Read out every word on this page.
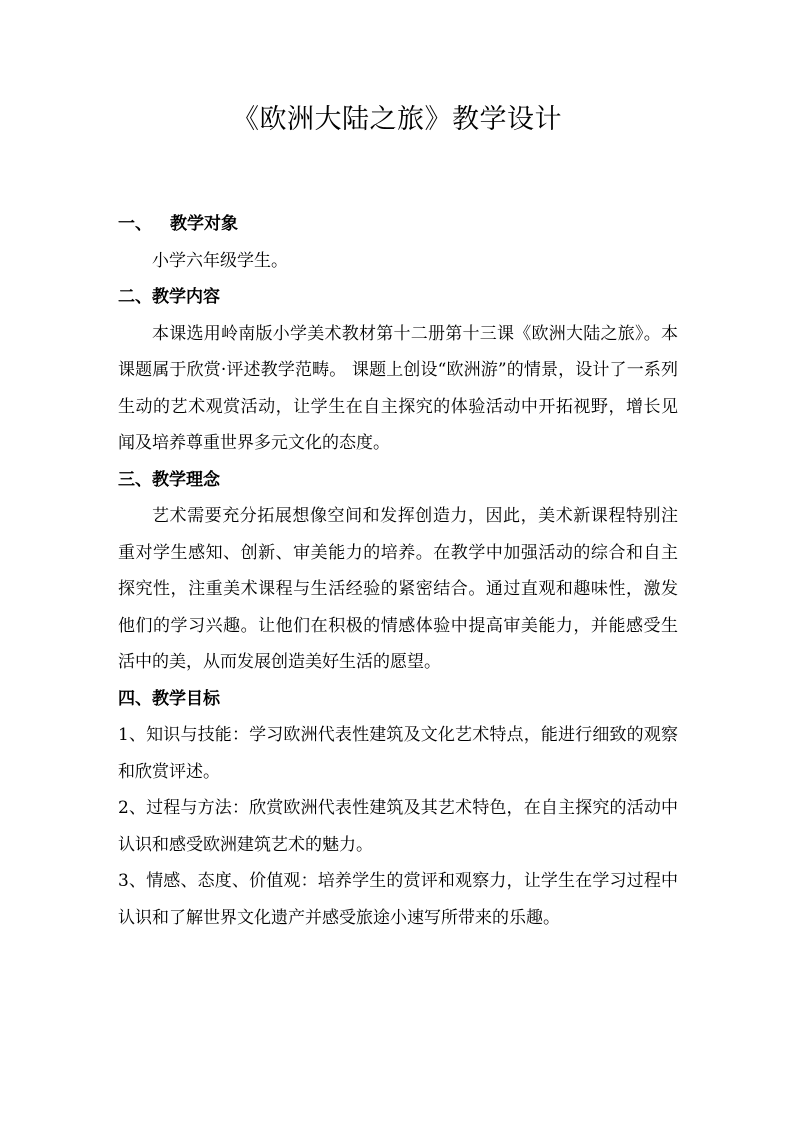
《欧洲大陆之旅》教学设计

一、 教学对象

小学六年级学生。

二、教学内容

本课选用岭南版小学美术教材第十二册第十三课《欧洲大陆之旅》。本课题属于欣赏·评述教学范畴。 课题上创设“欧洲游”的情景，设计了一系列生动的艺术观赏活动，让学生在自主探究的体验活动中开拓视野，增长见闻及培养尊重世界多元文化的态度。

三、教学理念

艺术需要充分拓展想像空间和发挥创造力，因此，美术新课程特别注重对学生感知、创新、审美能力的培养。在教学中加强活动的综合和自主探究性，注重美术课程与生活经验的紧密结合。通过直观和趣味性，激发他们的学习兴趣。让他们在积极的情感体验中提高审美能力，并能感受生活中的美，从而发展创造美好生活的愿望。

四、教学目标

1、知识与技能：学习欧洲代表性建筑及文化艺术特点，能进行细致的观察和欣赏评述。

2、过程与方法：欣赏欧洲代表性建筑及其艺术特色，在自主探究的活动中认识和感受欧洲建筑艺术的魅力。

3、情感、态度、价值观：培养学生的赏评和观察力，让学生在学习过程中认识和了解世界文化遗产并感受旅途小速写所带来的乐趣。
